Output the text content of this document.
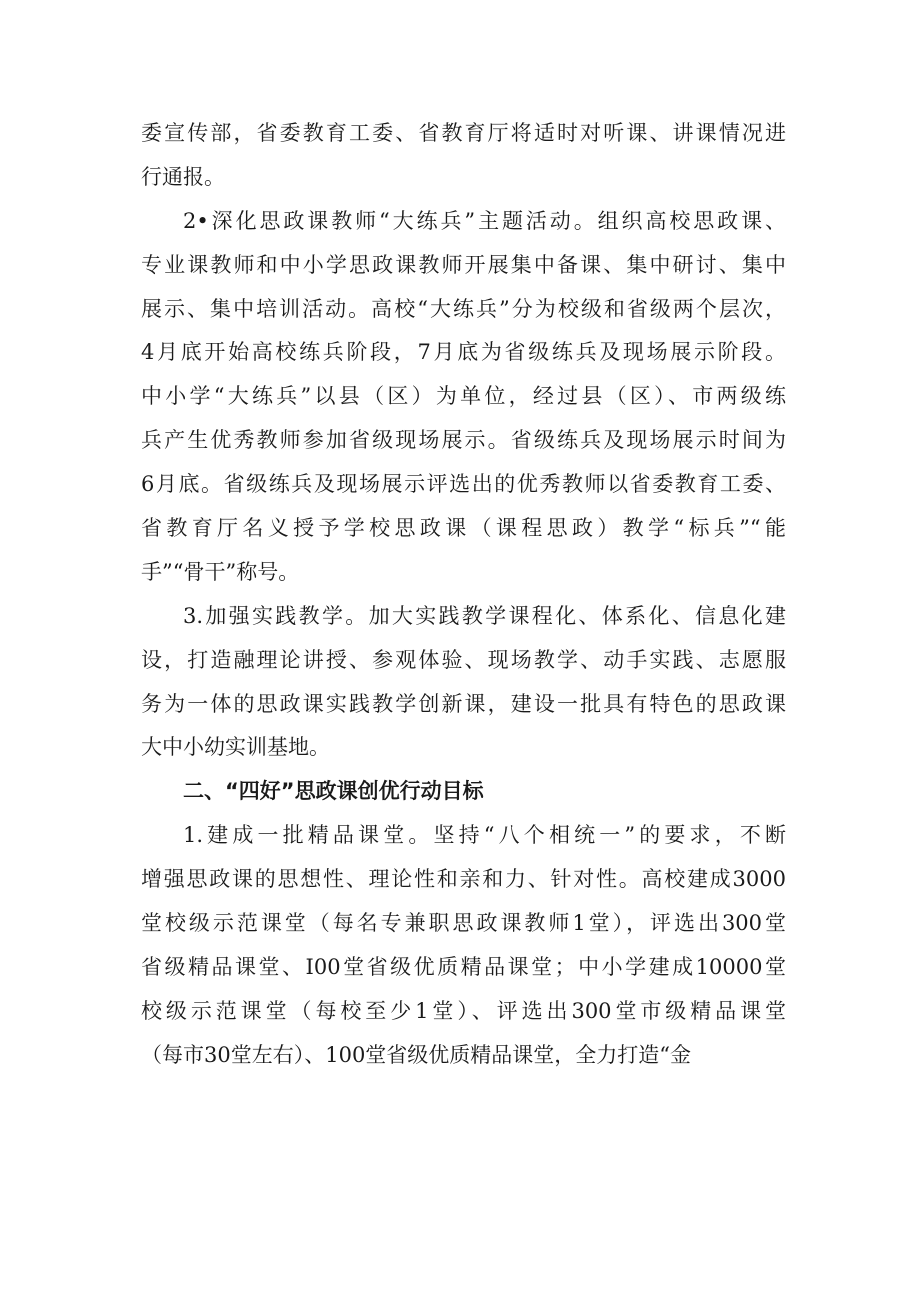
委宣传部，省委教育工委、省教育厅将适时对听课、讲课情况进
行通报。
2•深化思政课教师“大练兵”主题活动。组织高校思政课、
专业课教师和中小学思政课教师开展集中备课、集中研讨、集中
展示、集中培训活动。高校“大练兵”分为校级和省级两个层次，
4月底开始高校练兵阶段，7月底为省级练兵及现场展示阶段。
中小学“大练兵”以县（区）为单位，经过县（区）、市两级练
兵产生优秀教师参加省级现场展示。省级练兵及现场展示时间为
6月底。省级练兵及现场展示评选出的优秀教师以省委教育工委、
省教育厅名义授予学校思政课（课程思政）教学“标兵”“能
手”“骨干”称号。
3.加强实践教学。加大实践教学课程化、体系化、信息化建
设，打造融理论讲授、参观体验、现场教学、动手实践、志愿服
务为一体的思政课实践教学创新课，建设一批具有特色的思政课
大中小幼实训基地。
二、“四好”思政课创优行动目标
1.建成一批精品课堂。坚持“八个相统一”的要求，不断
增强思政课的思想性、理论性和亲和力、针对性。高校建成3000
堂校级示范课堂（每名专兼职思政课教师1堂），评选出300堂
省级精品课堂、I00堂省级优质精品课堂；中小学建成10000堂
校级示范课堂（每校至少1堂）、评选出300堂市级精品课堂
（每市30堂左右）、100堂省级优质精品课堂，全力打造“金
